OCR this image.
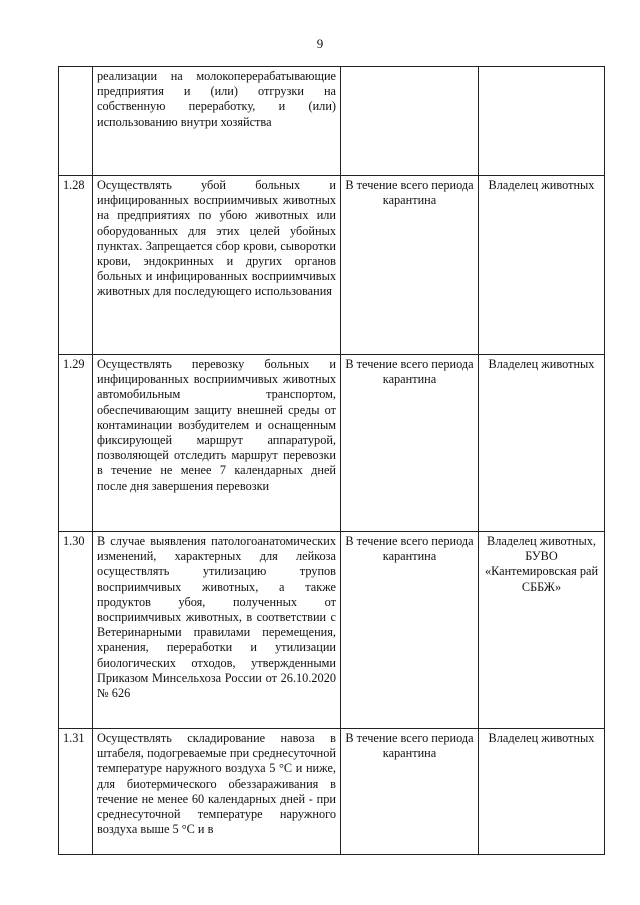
9
	реализации на молокоперерабатывающие предприятия и (или) отгрузки на собственную переработку, и (или) использованию внутри хозяйства		
1.28	Осуществлять убой больных и инфицированных восприимчивых животных на предприятиях по убою животных или оборудованных для этих целей убойных пунктах. Запрещается сбор крови, сыворотки крови, эндокринных и других органов больных и инфицированных восприимчивых животных для последующего использования	В течение всего периода карантина	Владелец животных
1.29	Осуществлять перевозку больных и инфицированных восприимчивых животных автомобильным транспортом, обеспечивающим защиту внешней среды от контаминации возбудителем и оснащенным фиксирующей маршрут аппаратурой, позволяющей отследить маршрут перевозки в течение не менее 7 календарных дней после дня завершения перевозки	В течение всего периода карантина	Владелец животных
1.30	В случае выявления патологоанатомических изменений, характерных для лейкоза осуществлять утилизацию трупов восприимчивых животных, а также продуктов убоя, полученных от восприимчивых животных, в соответствии с Ветеринарными правилами перемещения, хранения, переработки и утилизации биологических отходов, утвержденными Приказом Минсельхоза России от 26.10.2020 № 626	В течение всего периода карантина	Владелец животных, БУВО «Кантемировская рай СББЖ»
1.31	Осуществлять складирование навоза в штабеля, подогреваемые при среднесуточной температуре наружного воздуха 5 °С и ниже, для биотермического обеззараживания в течение не менее 60 календарных дней - при среднесуточной температуре наружного воздуха выше 5 °С и в	В течение всего периода карантина	Владелец животных
